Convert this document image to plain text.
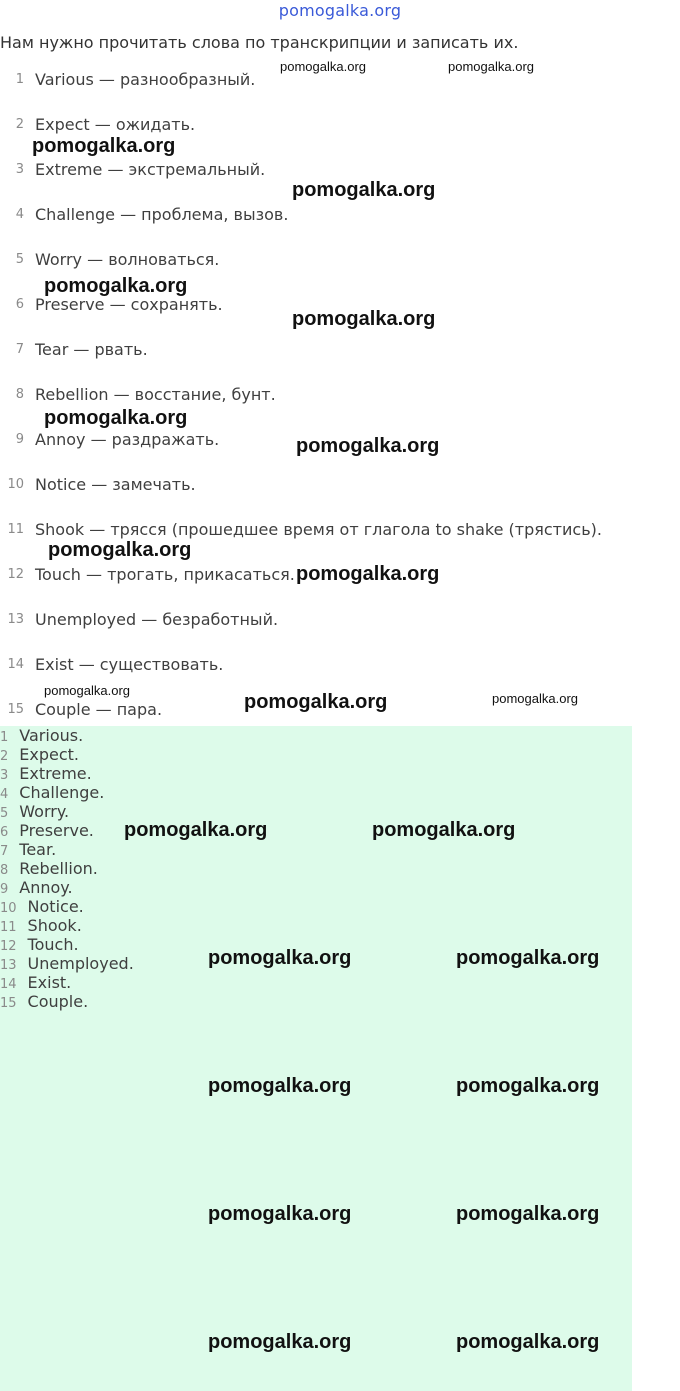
pomogalka.org
Нам нужно прочитать слова по транскрипции и записать их.
1 Various — разнообразный.
2 Expect — ожидать.
3 Extreme — экстремальный.
4 Challenge — проблема, вызов.
5 Worry — волноваться.
6 Preserve — сохранять.
7 Tear — рвать.
8 Rebellion — восстание, бунт.
9 Annoy — раздражать.
10 Notice — замечать.
11 Shook — тряcся (прошедшее время от глагола to shake (трястись).
12 Touch — трогать, прикасаться.
13 Unemployed — безработный.
14 Exist — существовать.
15 Couple — пара.
1 Various.
2 Expect.
3 Extreme.
4 Challenge.
5 Worry.
6 Preserve.
7 Tear.
8 Rebellion.
9 Annoy.
10 Notice.
11 Shook.
12 Touch.
13 Unemployed.
14 Exist.
15 Couple.
pomogalka.org	pomogalka.org
pomogalka.org
pomogalka.org
pomogalka.org
pomogalka.org
pomogalka.org
pomogalka.org
pomogalka.org
pomogalka.org
pomogalka.org
pomogalka.org	pomogalka.org
pomogalka.org	pomogalka.org
pomogalka.org	pomogalka.org
pomogalka.org	pomogalka.org
pomogalka.org	pomogalka.org
pomogalka.org	pomogalka.org
